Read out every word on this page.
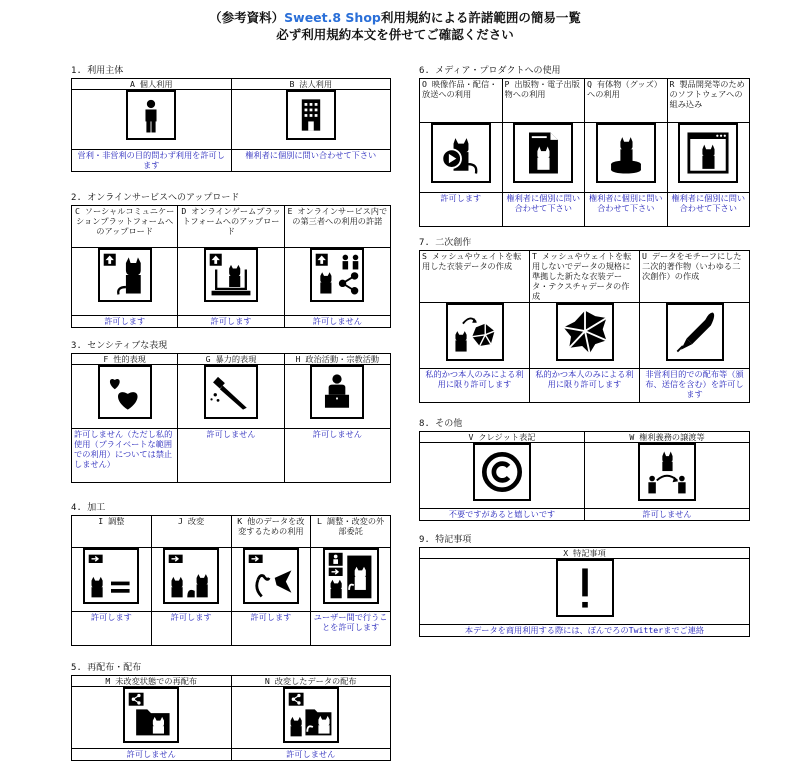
（参考資料）Sweet.8 Shop利用規約による許諾範囲の簡易一覧
必ず利用規約本文を併せてご確認ください
1. 利用主体
A 個人利用	B 法人利用

営利・非営利の目的問わず利用を許可します	権利者に個別に問い合わせて下さい
2. オンラインサービスへのアップロード
C ソーシャルコミュニケーションプラットフォームへのアップロード	D オンラインゲームプラットフォームへのアップロード	E オンラインサービス内での第三者への利用の許諾

許可します	許可します	許可しません
3. センシティブな表現
F 性的表現	G 暴力的表現	H 政治活動・宗教活動

許可しません（ただし私的使用（プライベートな範囲での利用）については禁止しません）	許可しません	許可しません
4. 加工
I 調整	J 改変	K 他のデータを改変するための利用	L 調整・改変の外部委託

許可します	許可します	許可します	ユーザー間で行うことを許可します
5. 再配布・配布
M 未改変状態での再配布	N 改変したデータの配布

許可しません	許可しません
6. メディア・プロダクトへの使用
O 映像作品・配信・放送への利用	P 出版物・電子出版物への利用	Q 有体物（グッズ）への利用	R 製品開発等のためのソフトウェアへの組み込み

許可します	権利者に個別に問い合わせて下さい	権利者に個別に問い合わせて下さい	権利者に個別に問い合わせて下さい
7. 二次創作
S メッシュやウェイトを転用した衣装データの作成	T メッシュやウェイトを転用しないでデータの規格に準拠した新たな衣装データ・テクスチャデータの作成	U データをモチーフにした二次的著作物（いわゆる二次創作）の作成

私的かつ本人のみによる利用に限り許可します	私的かつ本人のみによる利用に限り許可します	非営利目的での配布等（頒布、送信を含む）を許可します
8. その他
V クレジット表記	W 権利義務の譲渡等

不要ですがあると嬉しいです	許可しません
9. 特記事項
X 特記事項

本データを商用利用する際には、ぽんでろのTwitterまでご連絡
